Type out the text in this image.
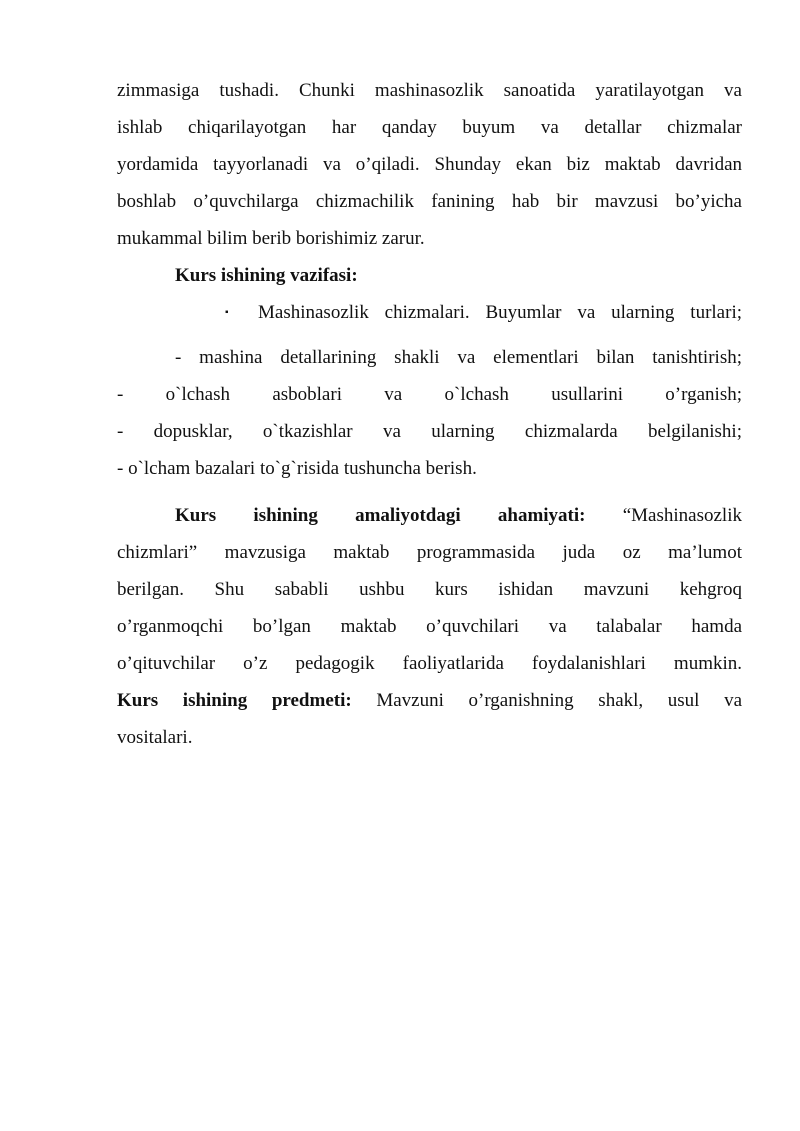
zimmasiga tushadi. Chunki mashinasozlik sanoatida yaratilayotgan va
ishlab chiqarilayotgan har qanday buyum va detallar chizmalar
yordamida tayyorlanadi va o’qiladi. Shunday ekan biz maktab davridan
boshlab o’quvchilarga chizmachilik fanining hab bir mavzusi bo’yicha
mukammal bilim berib borishimiz zarur.
Kurs ishining vazifasi:
▪ Mashinasozlik chizmalari. Buyumlar va ularning turlari;
- mashina detallarining shakli va elementlari bilan tanishtirish;
- o`lchash asboblari va o`lchash usullarini o’rganish;
- dopusklar, o`tkazishlar va ularning chizmalarda belgilanishi;
- o`lcham bazalari to`g`risida tushuncha berish.
Kurs ishining amaliyotdagi ahamiyati: “Mashinasozlik
chizmlari” mavzusiga maktab programmasida juda oz ma’lumot
berilgan. Shu sababli ushbu kurs ishidan mavzuni kehgroq
o’rganmoqchi bo’lgan maktab o’quvchilari va talabalar hamda
o’qituvchilar o’z pedagogik faoliyatlarida foydalanishlari mumkin.
Kurs ishining predmeti: Mavzuni o’rganishning shakl, usul va
vositalari.
